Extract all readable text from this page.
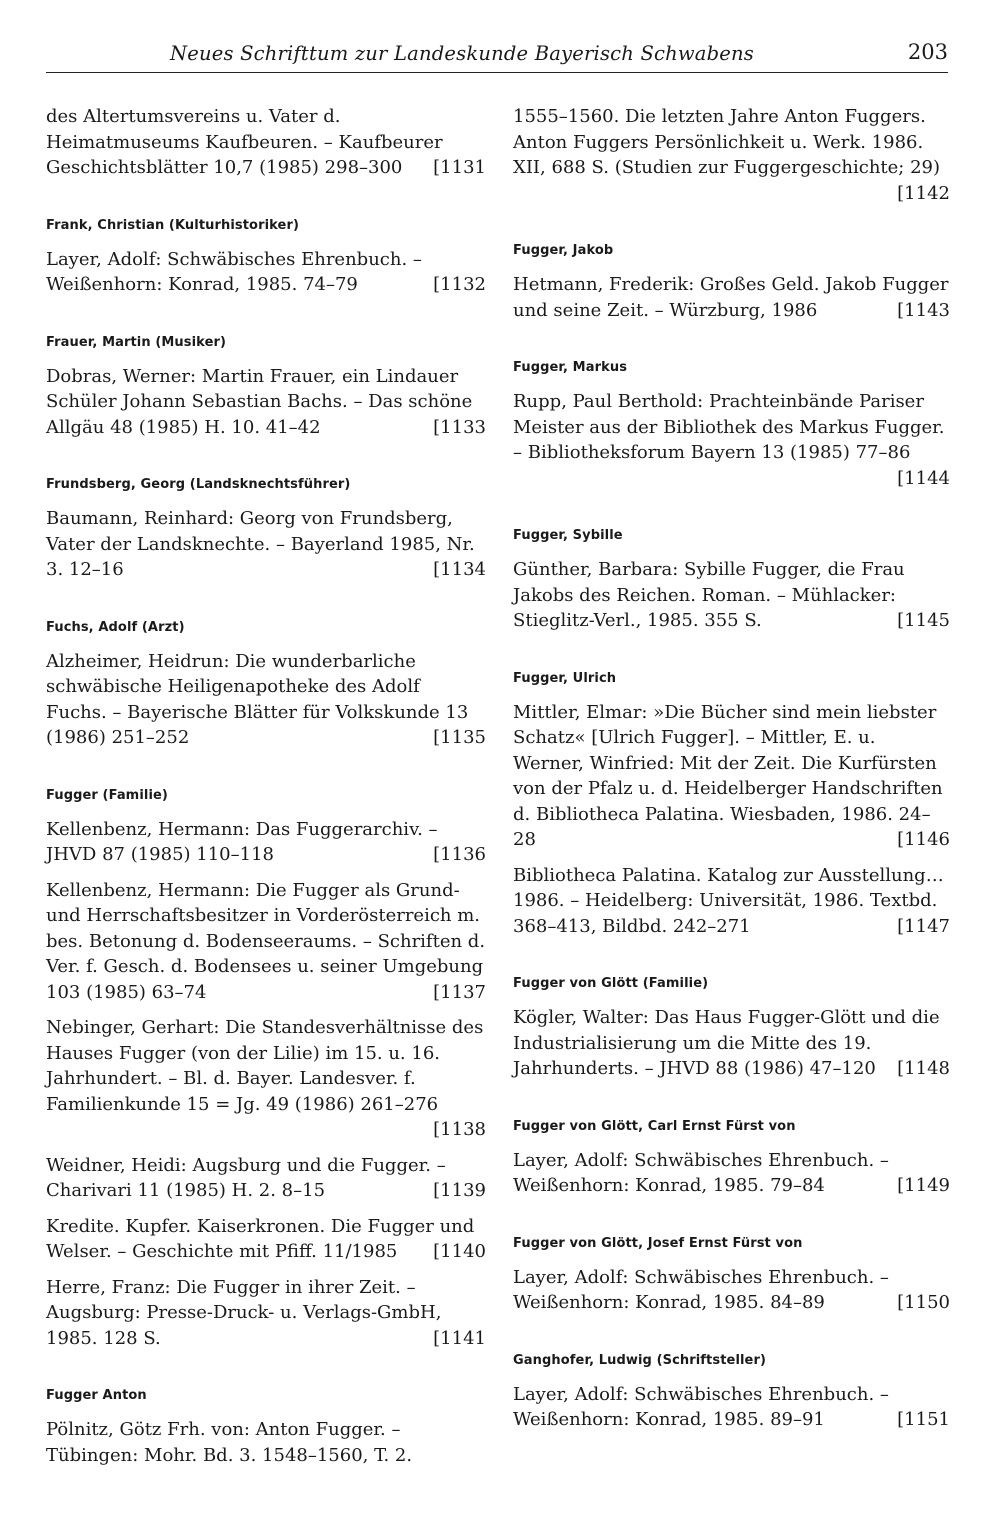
Neues Schrifttum zur Landeskunde Bayerisch Schwabens	203
des Altertumsvereins u. Vater d. Heimatmuseums Kaufbeuren. – Kaufbeurer Geschichtsblätter 10,7 (1985) 298–300 [1131
Frank, Christian (Kulturhistoriker)
Layer, Adolf: Schwäbisches Ehrenbuch. – Weißenhorn: Konrad, 1985. 74–79	[1132
Frauer, Martin (Musiker)
Dobras, Werner: Martin Frauer, ein Lindauer Schüler Johann Sebastian Bachs. – Das schöne Allgäu 48 (1985) H. 10. 41–42	[1133
Frundsberg, Georg (Landsknechtsführer)
Baumann, Reinhard: Georg von Frundsberg, Vater der Landsknechte. – Bayerland 1985, Nr. 3. 12–16	[1134
Fuchs, Adolf (Arzt)
Alzheimer, Heidrun: Die wunderbarliche schwäbische Heiligenapotheke des Adolf Fuchs. – Bayerische Blätter für Volkskunde 13 (1986) 251–252	[1135
Fugger (Familie)
Kellenbenz, Hermann: Das Fuggerarchiv. – JHVD 87 (1985) 110–118	[1136
Kellenbenz, Hermann: Die Fugger als Grund- und Herrschaftsbesitzer in Vorderösterreich m. bes. Betonung d. Bodenseeraums. – Schriften d. Ver. f. Gesch. d. Bodensees u. seiner Umgebung 103 (1985) 63–74	[1137
Nebinger, Gerhart: Die Standesverhältnisse des Hauses Fugger (von der Lilie) im 15. u. 16. Jahrhundert. – Bl. d. Bayer. Landesver. f. Familienkunde 15 = Jg. 49 (1986) 261–276
[1138
Weidner, Heidi: Augsburg und die Fugger. – Charivari 11 (1985) H. 2. 8–15	[1139
Kredite. Kupfer. Kaiserkronen. Die Fugger und Welser. – Geschichte mit Pfiff. 11/1985 [1140
Herre, Franz: Die Fugger in ihrer Zeit. – Augsburg: Presse-Druck- u. Verlags-GmbH, 1985. 128 S.	[1141
Fugger Anton
Pölnitz, Götz Frh. von: Anton Fugger. – Tübingen: Mohr. Bd. 3. 1548–1560, T. 2.
1555–1560. Die letzten Jahre Anton Fuggers. Anton Fuggers Persönlichkeit u. Werk. 1986. XII, 688 S. (Studien zur Fuggergeschichte; 29)
[1142
Fugger, Jakob
Hetmann, Frederik: Großes Geld. Jakob Fugger und seine Zeit. – Würzburg, 1986	[1143
Fugger, Markus
Rupp, Paul Berthold: Prachteinbände Pariser Meister aus der Bibliothek des Markus Fugger. – Bibliotheksforum Bayern 13 (1985) 77–86
[1144
Fugger, Sybille
Günther, Barbara: Sybille Fugger, die Frau Jakobs des Reichen. Roman. – Mühlacker: Stieglitz-Verl., 1985. 355 S.	[1145
Fugger, Ulrich
Mittler, Elmar: »Die Bücher sind mein liebster Schatz« [Ulrich Fugger]. – Mittler, E. u. Werner, Winfried: Mit der Zeit. Die Kurfürsten von der Pfalz u. d. Heidelberger Handschriften d. Bibliotheca Palatina. Wiesbaden, 1986. 24–28	[1146
Bibliotheca Palatina. Katalog zur Ausstellung… 1986. – Heidelberg: Universität, 1986. Textbd. 368–413, Bildbd. 242–271	[1147
Fugger von Glött (Familie)
Kögler, Walter: Das Haus Fugger-Glött und die Industrialisierung um die Mitte des 19. Jahrhunderts. – JHVD 88 (1986) 47–120 [1148
Fugger von Glött, Carl Ernst Fürst von
Layer, Adolf: Schwäbisches Ehrenbuch. – Weißenhorn: Konrad, 1985. 79–84	[1149
Fugger von Glött, Josef Ernst Fürst von
Layer, Adolf: Schwäbisches Ehrenbuch. – Weißenhorn: Konrad, 1985. 84–89	[1150
Ganghofer, Ludwig (Schriftsteller)
Layer, Adolf: Schwäbisches Ehrenbuch. – Weißenhorn: Konrad, 1985. 89–91	[1151
